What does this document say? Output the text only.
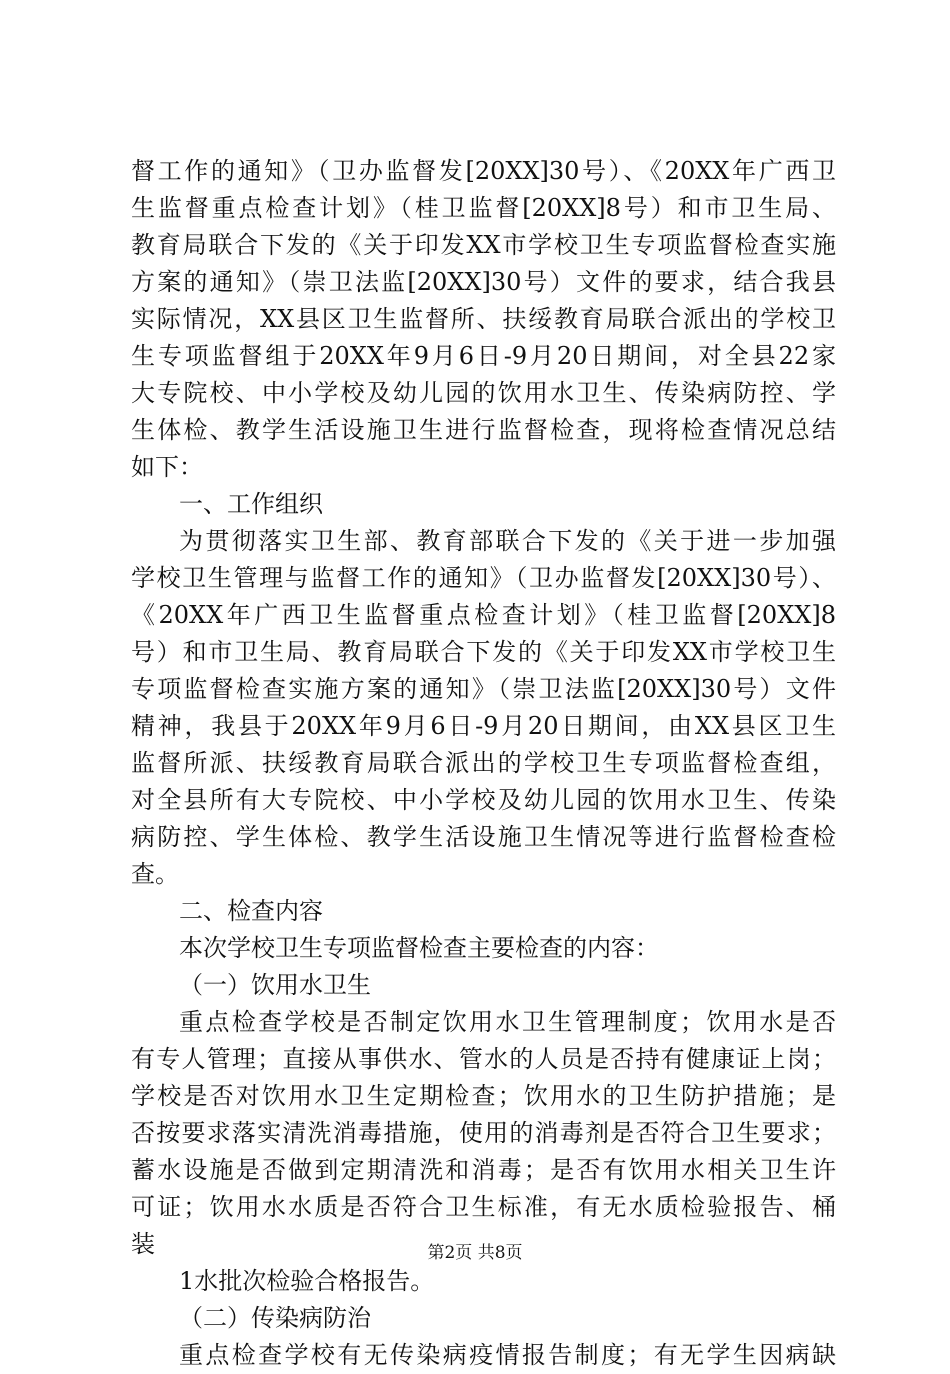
督工作的通知》（卫办监督发[20XX]30号）、《20XX年广西卫
生监督重点检查计划》（桂卫监督[20XX]8号）和市卫生局、
教育局联合下发的《关于印发XX市学校卫生专项监督检查实施
方案的通知》（崇卫法监[20XX]30号）文件的要求，结合我县
实际情况，XX县区卫生监督所、扶绥教育局联合派出的学校卫
生专项监督组于20XX年9月6日-9月20日期间，对全县22家
大专院校、中小学校及幼儿园的饮用水卫生、传染病防控、学
生体检、教学生活设施卫生进行监督检查，现将检查情况总结
如下：
一、工作组织
为贯彻落实卫生部、教育部联合下发的《关于进一步加强
学校卫生管理与监督工作的通知》（卫办监督发[20XX]30号）、
《20XX年广西卫生监督重点检查计划》（桂卫监督[20XX]8
号）和市卫生局、教育局联合下发的《关于印发XX市学校卫生
专项监督检查实施方案的通知》（崇卫法监[20XX]30号）文件
精神，我县于20XX年9月6日-9月20日期间，由XX县区卫生
监督所派、扶绥教育局联合派出的学校卫生专项监督检查组，
对全县所有大专院校、中小学校及幼儿园的饮用水卫生、传染
病防控、学生体检、教学生活设施卫生情况等进行监督检查检
查。
二、检查内容
本次学校卫生专项监督检查主要检查的内容：
（一）饮用水卫生
重点检查学校是否制定饮用水卫生管理制度；饮用水是否
有专人管理；直接从事供水、管水的人员是否持有健康证上岗；
学校是否对饮用水卫生定期检查；饮用水的卫生防护措施；是
否按要求落实清洗消毒措施，使用的消毒剂是否符合卫生要求；
蓄水设施是否做到定期清洗和消毒；是否有饮用水相关卫生许
可证；饮用水水质是否符合卫生标准，有无水质检验报告、桶
装
1水批次检验合格报告。
（二）传染病防治
重点检查学校有无传染病疫情报告制度；有无学生因病缺
第2页 共8页
